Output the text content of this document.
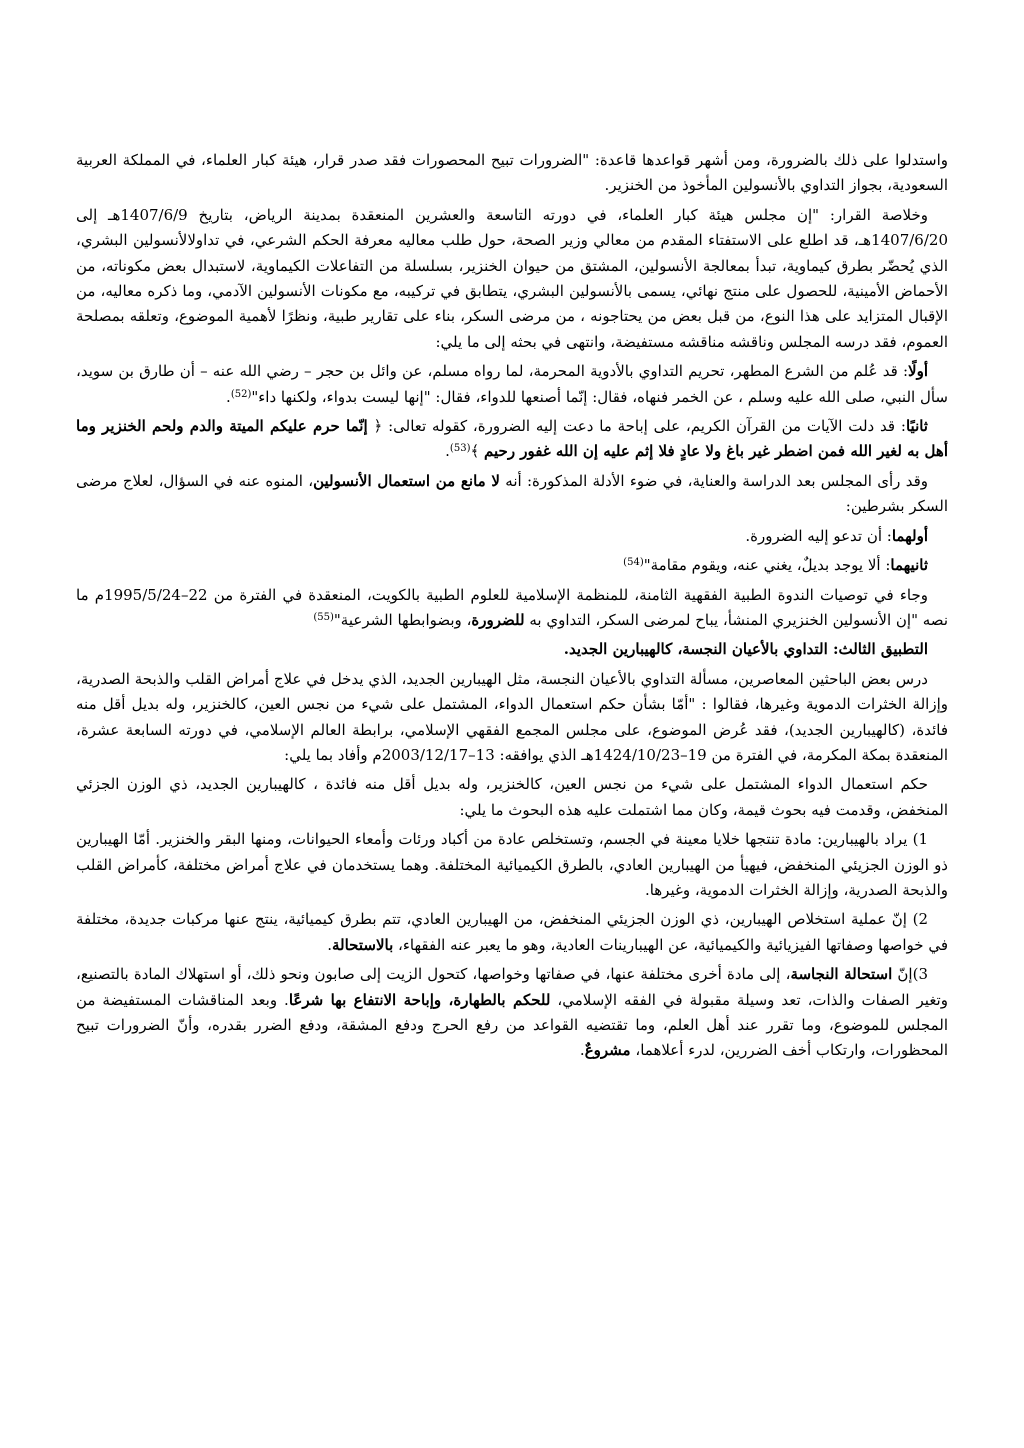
واستدلوا على ذلك بالضرورة، ومن أشهر قواعدها قاعدة: "الضرورات تبيح المحصورات فقد صدر قرار، هيئة كبار العلماء، في المملكة العربية السعودية، بجواز التداوي بالأنسولين المأخوذ من الخنزير.

وخلاصة القرار: "إن مجلس هيئة كبار العلماء، في دورته التاسعة والعشرين المنعقدة بمدينة الرياض، بتاريخ 1407/6/9هـ إلى 1407/6/20هـ، قد اطلع على الاستفتاء المقدم من معالي وزير الصحة، حول طلب معاليه معرفة الحكم الشرعي، في تداولالأنسولين البشري، الذي يُحضّر بطرق كيماوية، تبدأ بمعالجة الأنسولين، المشتق من حيوان الخنزير، بسلسلة من التفاعلات الكيماوية، لاستبدال بعض مكوناته، من الأحماض الأمينية، للحصول على منتج نهائي، يسمى بالأنسولين البشري، يتطابق في تركيبه، مع مكونات الأنسولين الآدمي، وما ذكره معاليه، من الإقبال المتزايد على هذا النوع، من قبل بعض من يحتاجونه ، من مرضى السكر، بناء على تقارير طبية، ونظرًا لأهمية الموضوع، وتعلقه بمصلحة العموم، فقد درسه المجلس وناقشه مناقشه مستفيضة، وانتهى في بحثه إلى ما يلي:

أولًا: قد عُلم من الشرع المطهر، تحريم التداوي بالأدوية المحرمة، لما رواه مسلم، عن وائل بن حجر – رضي الله عنه – أن طارق بن سويد، سأل النبي، صلى الله عليه وسلم ، عن الخمر فنهاه، فقال: إنّما أصنعها للدواء، فقال: "إنها ليست بدواء، ولكنها داء"$^{(52)}$.

ثانيًا: قد دلت الآيات من القرآن الكريم، على إباحة ما دعت إليه الضرورة، كقوله تعالى: ﴿ إنّما حرم عليكم الميتة والدم ولحم الخنزير وما أهل به لغير الله فمن اضطر غير باغ ولا عادٍ فلا إثم عليه إن الله غفور رحيم ﴾$^{(53)}$.

وقد رأى المجلس بعد الدراسة والعناية، في ضوء الأدلة المذكورة: أنه لا مانع من استعمال الأنسولين، المنوه عنه في السؤال، لعلاج مرضى السكر بشرطين:

أولهما: أن تدعو إليه الضرورة.

ثانيهما: ألا يوجد بديلٌ، يغني عنه، ويقوم مقامة"$^{(54)}$

وجاء في توصيات الندوة الطبية الفقهية الثامنة، للمنظمة الإسلامية للعلوم الطبية بالكويت، المنعقدة في الفترة من 22–1995/5/24م ما نصه "إن الأنسولين الخنزيري المنشأ، يباح لمرضى السكر، التداوي به للضرورة، وبضوابطها الشرعية"$^{(55)}$

التطبيق الثالث: التداوي بالأعيان النجسة، كالهيبارين الجديد.

درس بعض الباحثين المعاصرين، مسألة التداوي بالأعيان النجسة، مثل الهيبارين الجديد، الذي يدخل في علاج أمراض القلب والذبحة الصدرية، وإزالة الخثرات الدموية وغيرها، فقالوا : "أمّا بشأن حكم استعمال الدواء، المشتمل على شيء من نجس العين، كالخنزير، وله بديل أقل منه فائدة، (كالهيبارين الجديد)، فقد عُرض الموضوع، على مجلس المجمع الفقهي الإسلامي، برابطة العالم الإسلامي، في دورته السابعة عشرة، المنعقدة بمكة المكرمة، في الفترة من 19–1424/10/23هـ الذي يوافقه: 13–2003/12/17م وأفاد بما يلي:

حكم استعمال الدواء المشتمل على شيء من نجس العين، كالخنزير، وله بديل أقل منه فائدة ، كالهيبارين الجديد، ذي الوزن الجزئي المنخفض، وقدمت فيه بحوث قيمة، وكان مما اشتملت عليه هذه البحوث ما يلي:

1) يراد بالهيبارين: مادة تنتجها خلايا معينة في الجسم، وتستخلص عادة من أكباد ورئات وأمعاء الحيوانات، ومنها البقر والخنزير. أمّا الهيبارين ذو الوزن الجزيئي المنخفض، فيهيأ من الهيبارين العادي، بالطرق الكيميائية المختلفة. وهما يستخدمان في علاج أمراض مختلفة، كأمراض القلب والذبحة الصدرية، وإزالة الخثرات الدموية، وغيرها.

2) إنّ عملية استخلاص الهيبارين، ذي الوزن الجزيئي المنخفض، من الهيبارين العادي، تتم بطرق كيميائية، ينتج عنها مركبات جديدة، مختلفة في خواصها وصفاتها الفيزيائية والكيميائية، عن الهيبارينات العادية، وهو ما يعبر عنه الفقهاء، بالاستحالة.

3)إنّ استحالة النجاسة، إلى مادة أخرى مختلفة عنها، في صفاتها وخواصها، كتحول الزيت إلى صابون ونحو ذلك، أو استهلاك المادة بالتصنيع، وتغير الصفات والذات، تعد وسيلة مقبولة في الفقه الإسلامي، للحكم بالطهارة، وإباحة الانتفاع بها شرعًا. وبعد المناقشات المستفيضة من المجلس للموضوع، وما تقرر عند أهل العلم، وما تقتضيه القواعد من رفع الحرج ودفع المشقة، ودفع الضرر بقدره، وأنّ الضرورات تبيح المحظورات، وارتكاب أخف الضررين، لدرء أعلاهما، مشروعٌ.
